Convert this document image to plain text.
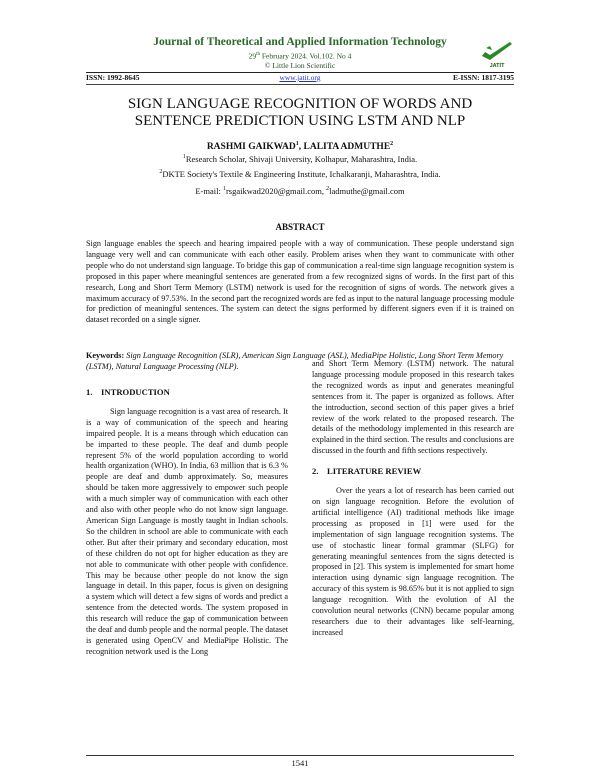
Journal of Theoretical and Applied Information Technology
29th February 2024. Vol.102. No 4
© Little Lion Scientific	JATIT
ISSN: 1992-8645	www.jatit.org	E-ISSN: 1817-3195
SIGN LANGUAGE RECOGNITION OF WORDS AND
SENTENCE PREDICTION USING LSTM AND NLP
RASHMI GAIKWAD$^1$, LALITA ADMUTHE$^2$
$^1$Research Scholar, Shivaji University, Kolhapur, Maharashtra, India.
$^2$DKTE Society's Textile & Engineering Institute, Ichalkaranji, Maharashtra, India.
E-mail: $^1$rsgaikwad2020@gmail.com, $^2$ladmuthe@gmail.com
ABSTRACT
Sign language enables the speech and hearing impaired people with a way of communication. These people understand sign language very well and can communicate with each other easily. Problem arises when they want to communicate with other people who do not understand sign language. To bridge this gap of communication a real-time sign language recognition system is proposed in this paper where meaningful sentences are generated from a few recognized signs of words. In the first part of this research, Long and Short Term Memory (LSTM) network is used for the recognition of signs of words. The network gives a maximum accuracy of 97.53%. In the second part the recognized words are fed as input to the natural language processing module for prediction of meaningful sentences. The system can detect the signs performed by different signers even if it is trained on dataset recorded on a single signer.
Keywords: Sign Language Recognition (SLR), American Sign Language (ASL), MediaPipe Holistic, Long Short Term Memory (LSTM), Natural Language Processing (NLP).

1. INTRODUCTION

Sign language recognition is a vast area of research. It is a way of communication of the speech and hearing impaired people. It is a means through which education can be imparted to these people. The deaf and dumb people represent 5% of the world population according to world health organization (WHO). In India, 63 million that is 6.3 % people are deaf and dumb approximately. So, measures should be taken more aggressively to empower such people with a much simpler way of communication with each other and also with other people who do not know sign language. American Sign Language is mostly taught in Indian schools. So the children in school are able to communicate with each other. But after their primary and secondary education, most of these children do not opt for higher education as they are not able to communicate with other people with confidence. This may be because other people do not know the sign language in detail. In this paper, focus is given on designing a system which will detect a few signs of words and predict a sentence from the detected words. The system proposed in this research will reduce the gap of communication between the deaf and dumb people and the normal people. The dataset is generated using OpenCV and MediaPipe Holistic. The recognition network used is the Long

and Short Term Memory (LSTM) network. The natural language processing module proposed in this research takes the recognized words as input and generates meaningful sentences from it. The paper is organized as follows. After the introduction, second section of this paper gives a brief review of the work related to the proposed research. The details of the methodology implemented in this research are explained in the third section. The results and conclusions are discussed in the fourth and fifth sections respectively.

2. LITERATURE REVIEW

Over the years a lot of research has been carried out on sign language recognition. Before the evolution of artificial intelligence (AI) traditional methods like image processing as proposed in [1] were used for the implementation of sign language recognition systems. The use of stochastic linear formal grammar (SLFG) for generating meaningful sentences from the signs detected is proposed in [2]. This system is implemented for smart home interaction using dynamic sign language recognition. The accuracy of this system is 98.65% but it is not applied to sign language recognition. With the evolution of AI the convolution neural networks (CNN) became popular among researchers due to their advantages like self-learning, increased

1541
